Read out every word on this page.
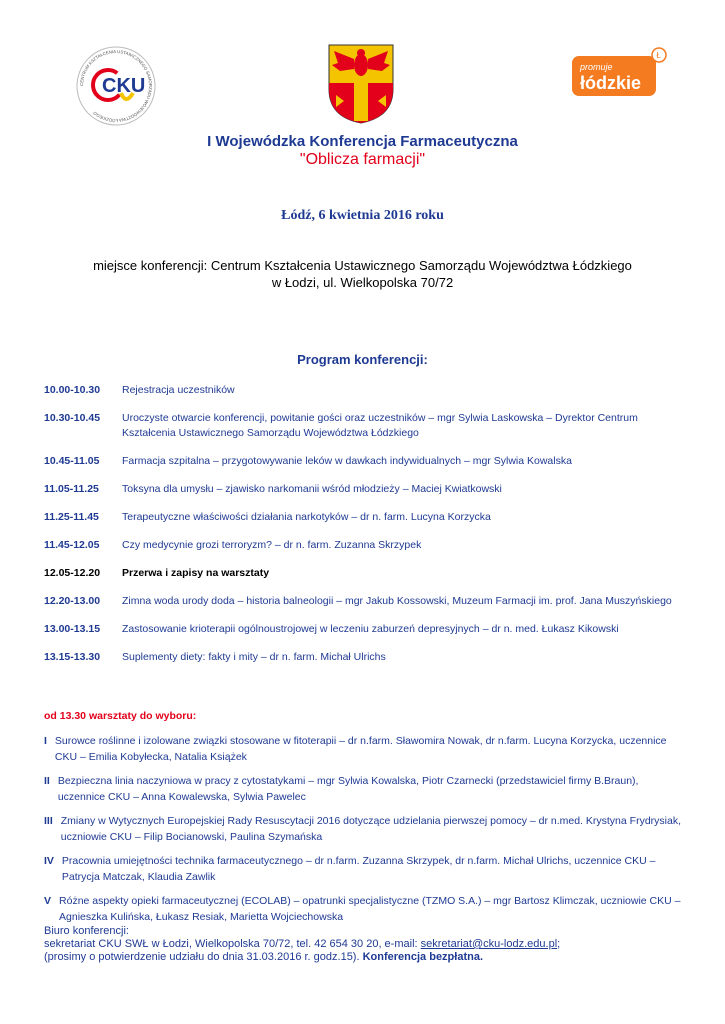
CENTRUM KSZTAŁCENIA USTAWICZNEGO SAMORZĄDU WOJEWÓDZTWA ŁÓDZKIEGO
CKU
Ł
promuje
łódzkie
I Wojewódzka Konferencja Farmaceutyczna
"Oblicza farmacji"
Łódź, 6 kwietnia 2016 roku
miejsce konferencji: Centrum Kształcenia Ustawicznego Samorządu Województwa Łódzkiego
w Łodzi, ul. Wielkopolska 70/72
Program konferencji:
10.00-10.30	Rejestracja uczestników
10.30-10.45	Uroczyste otwarcie konferencji, powitanie gości oraz uczestników – mgr Sylwia Laskowska – Dyrektor Centrum Kształcenia Ustawicznego Samorządu Województwa Łódzkiego
10.45-11.05	Farmacja szpitalna – przygotowywanie leków w dawkach indywidualnych – mgr Sylwia Kowalska
11.05-11.25	Toksyna dla umysłu – zjawisko narkomanii wśród młodzieży – Maciej Kwiatkowski
11.25-11.45	Terapeutyczne właściwości działania narkotyków – dr n. farm. Lucyna Korzycka
11.45-12.05	Czy medycynie grozi terroryzm? – dr n. farm. Zuzanna Skrzypek
12.05-12.20	Przerwa i zapisy na warsztaty
12.20-13.00	Zimna woda urody doda – historia balneologii – mgr Jakub Kossowski, Muzeum Farmacji im. prof. Jana Muszyńskiego
13.00-13.15	Zastosowanie krioterapii ogólnoustrojowej w leczeniu zaburzeń depresyjnych – dr n. med. Łukasz Kikowski
13.15-13.30	Suplementy diety: fakty i mity – dr n. farm. Michał Ulrichs
od 13.30 warsztaty do wyboru:
I Surowce roślinne i izolowane związki stosowane w fitoterapii – dr n.farm. Sławomira Nowak, dr n.farm. Lucyna Korzycka, uczennice CKU – Emilia Kobyłecka, Natalia Książek
II Bezpieczna linia naczyniowa w pracy z cytostatykami – mgr Sylwia Kowalska, Piotr Czarnecki (przedstawiciel firmy B.Braun), uczennice CKU – Anna Kowalewska, Sylwia Pawelec
III Zmiany w Wytycznych Europejskiej Rady Resuscytacji 2016 dotyczące udzielania pierwszej pomocy – dr n.med. Krystyna Frydrysiak, uczniowie CKU – Filip Bocianowski, Paulina Szymańska
IV Pracownia umiejętności technika farmaceutycznego – dr n.farm. Zuzanna Skrzypek, dr n.farm. Michał Ulrichs, uczennice CKU – Patrycja Matczak, Klaudia Zawlik
V Różne aspekty opieki farmaceutycznej (ECOLAB) – opatrunki specjalistyczne (TZMO S.A.) – mgr Bartosz Klimczak, uczniowie CKU – Agnieszka Kulińska, Łukasz Resiak, Marietta Wojciechowska
Biuro konferencji:
sekretariat CKU SWŁ w Łodzi, Wielkopolska 70/72, tel. 42 654 30 20, e-mail: sekretariat@cku-lodz.edu.pl;
(prosimy o potwierdzenie udziału do dnia 31.03.2016 r. godz.15). Konferencja bezpłatna.
